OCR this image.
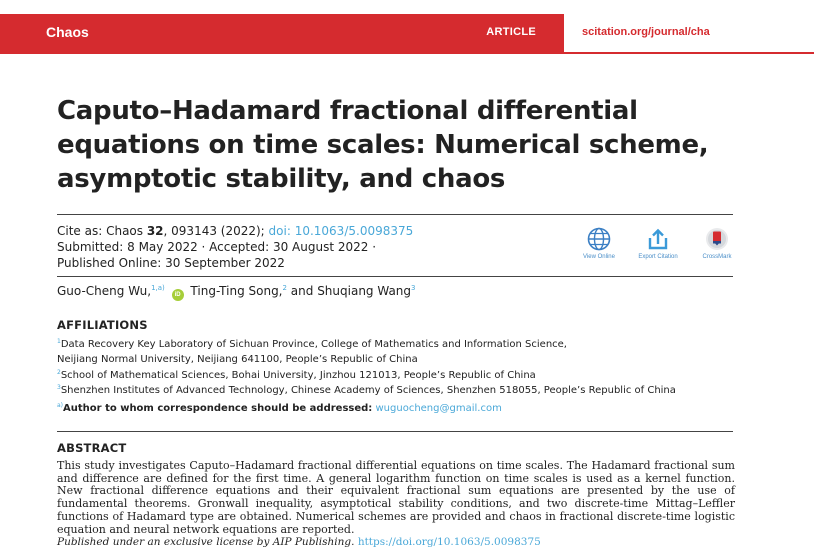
Chaos	ARTICLE	scitation.org/journal/cha
Caputo–Hadamard fractional differential
equations on time scales: Numerical scheme,
asymptotic stability, and chaos
Cite as: Chaos 32, 093143 (2022); doi: 10.1063/5.0098375
Submitted: 8 May 2022 · Accepted: 30 August 2022 ·
Published Online: 30 September 2022	View Online	Export Citation	CrossMark
Guo-Cheng Wu,$^{1,a)}$ iD Ting-Ting Song,$^2$ and Shuqiang Wang$^3$
AFFILIATIONS
$^1$Data Recovery Key Laboratory of Sichuan Province, College of Mathematics and Information Science,
Neijiang Normal University, Neijiang 641100, People’s Republic of China
$^2$School of Mathematical Sciences, Bohai University, Jinzhou 121013, People’s Republic of China
$^3$Shenzhen Institutes of Advanced Technology, Chinese Academy of Sciences, Shenzhen 518055, People’s Republic of China
$^{a)}$Author to whom correspondence should be addressed: wuguocheng@gmail.com
ABSTRACT
This study investigates Caputo–Hadamard fractional differential equations on time scales. The Hadamard fractional sum and difference are defined for the first time. A general logarithm function on time scales is used as a kernel function. New fractional difference equations and their equivalent fractional sum equations are presented by the use of fundamental theorems. Gronwall inequality, asymptotical stability conditions, and two discrete-time Mittag–Leffler functions of Hadamard type are obtained. Numerical schemes are provided and chaos in fractional discrete-time logistic equation and neural network equations are reported.
Published under an exclusive license by AIP Publishing. https://doi.org/10.1063/5.0098375
